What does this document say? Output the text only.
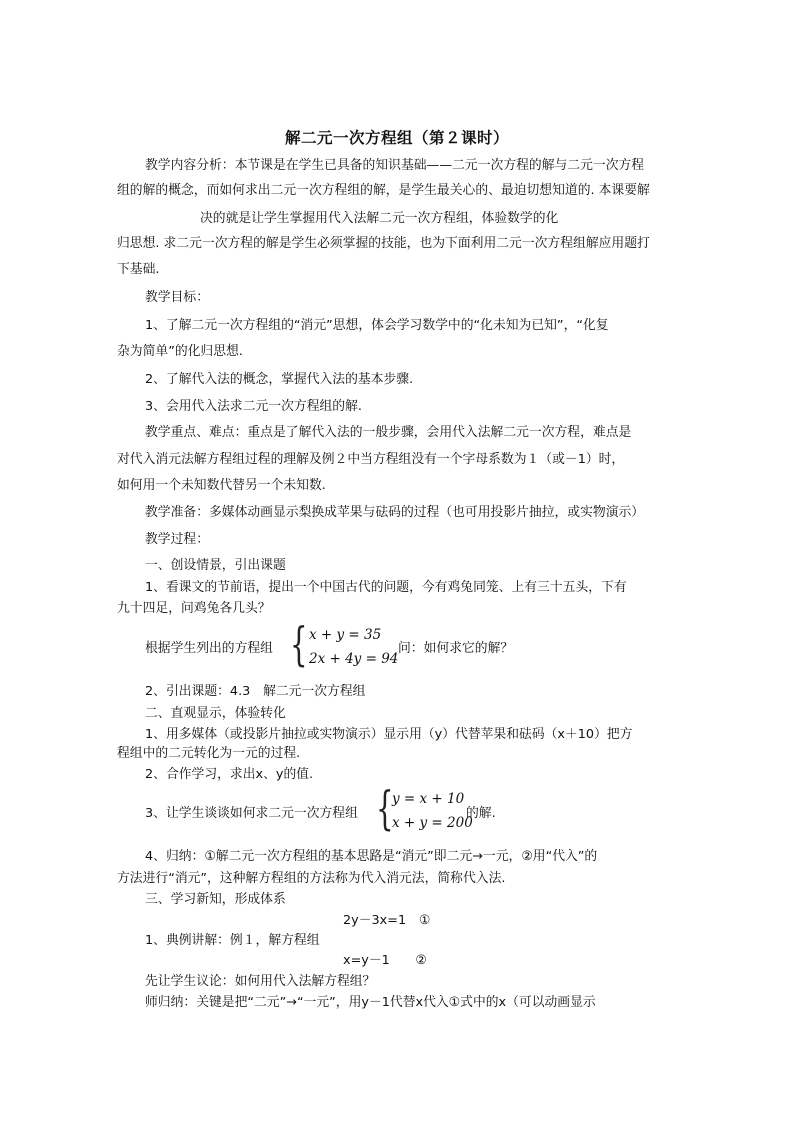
解二元一次方程组（第２课时）
教学内容分析：本节课是在学生已具备的知识基础——二元一次方程的解与二元一次方程
组的解的概念，而如何求出二元一次方程组的解，是学生最关心的、最迫切想知道的. 本课要解
决的就是让学生掌握用代入法解二元一次方程组，体验数学的化
归思想. 求二元一次方程的解是学生必须掌握的技能，也为下面利用二元一次方程组解应用题打
下基础.
教学目标：
1、了解二元一次方程组的“消元”思想，体会学习数学中的“化未知为已知”，“化复
杂为简单”的化归思想.
2、了解代入法的概念，掌握代入法的基本步骤.
3、会用代入法求二元一次方程组的解.
教学重点、难点：重点是了解代入法的一般步骤，会用代入法解二元一次方程，难点是
对代入消元法解方程组过程的理解及例２中当方程组没有一个字母系数为１（或－1）时，
如何用一个未知数代替另一个未知数.
教学准备：多媒体动画显示梨换成苹果与砝码的过程（也可用投影片抽拉，或实物演示）
教学过程：
一、创设情景，引出课题
1、看课文的节前语，提出一个中国古代的问题，今有鸡兔同笼、上有三十五头，下有
九十四足，问鸡兔各几头？
根据学生列出的方程组 { x + y = 35
2x + 4y = 94
问：如何求它的解？
2、引出课题：4.3　解二元一次方程组
二、直观显示，体验转化
1、用多媒体（或投影片抽拉或实物演示）显示用（y）代替苹果和砝码（x＋10）把方
程组中的二元转化为一元的过程.
2、合作学习，求出x、y的值.
3、让学生谈谈如何求二元一次方程组 {
y = x + 10
x + y = 200
的解.
4、归纳：①解二元一次方程组的基本思路是“消元”即二元→一元，②用“代入”的
方法进行“消元”，这种解方程组的方法称为代入消元法，简称代入法.
三、学习新知，形成体系
2y－3x=1　①
1、典例讲解：例１，解方程组
x=y－1　　②
先让学生议论：如何用代入法解方程组？
师归纳：关键是把“二元”→“一元”，用y－1代替x代入①式中的x（可以动画显示
